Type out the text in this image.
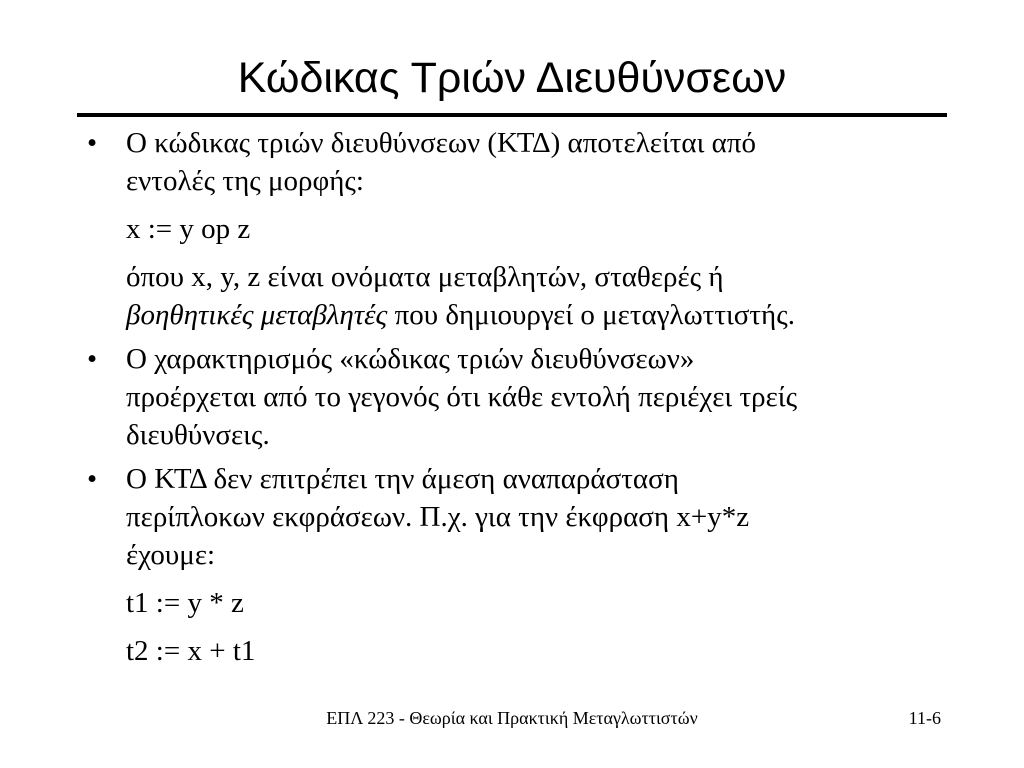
Κώδικας Τριών Διευθύνσεων
• Ο κώδικας τριών διευθύνσεων (ΚΤΔ) αποτελείται από
εντολές της μορφής:
x := y op z
όπου x, y, z είναι ονόματα μεταβλητών, σταθερές ή
βοηθητικές μεταβλητές που δημιουργεί ο μεταγλωττιστής.
• Ο χαρακτηρισμός «κώδικας τριών διευθύνσεων»
προέρχεται από το γεγονός ότι κάθε εντολή περιέχει τρείς
διευθύνσεις.
• Ο ΚΤΔ δεν επιτρέπει την άμεση αναπαράσταση
περίπλοκων εκφράσεων. Π.χ. για την έκφραση x+y*z
έχουμε:
t1 := y * z
t2 := x + t1
ΕΠΛ 223 - Θεωρία και Πρακτική Μεταγλωττιστών	11-6
